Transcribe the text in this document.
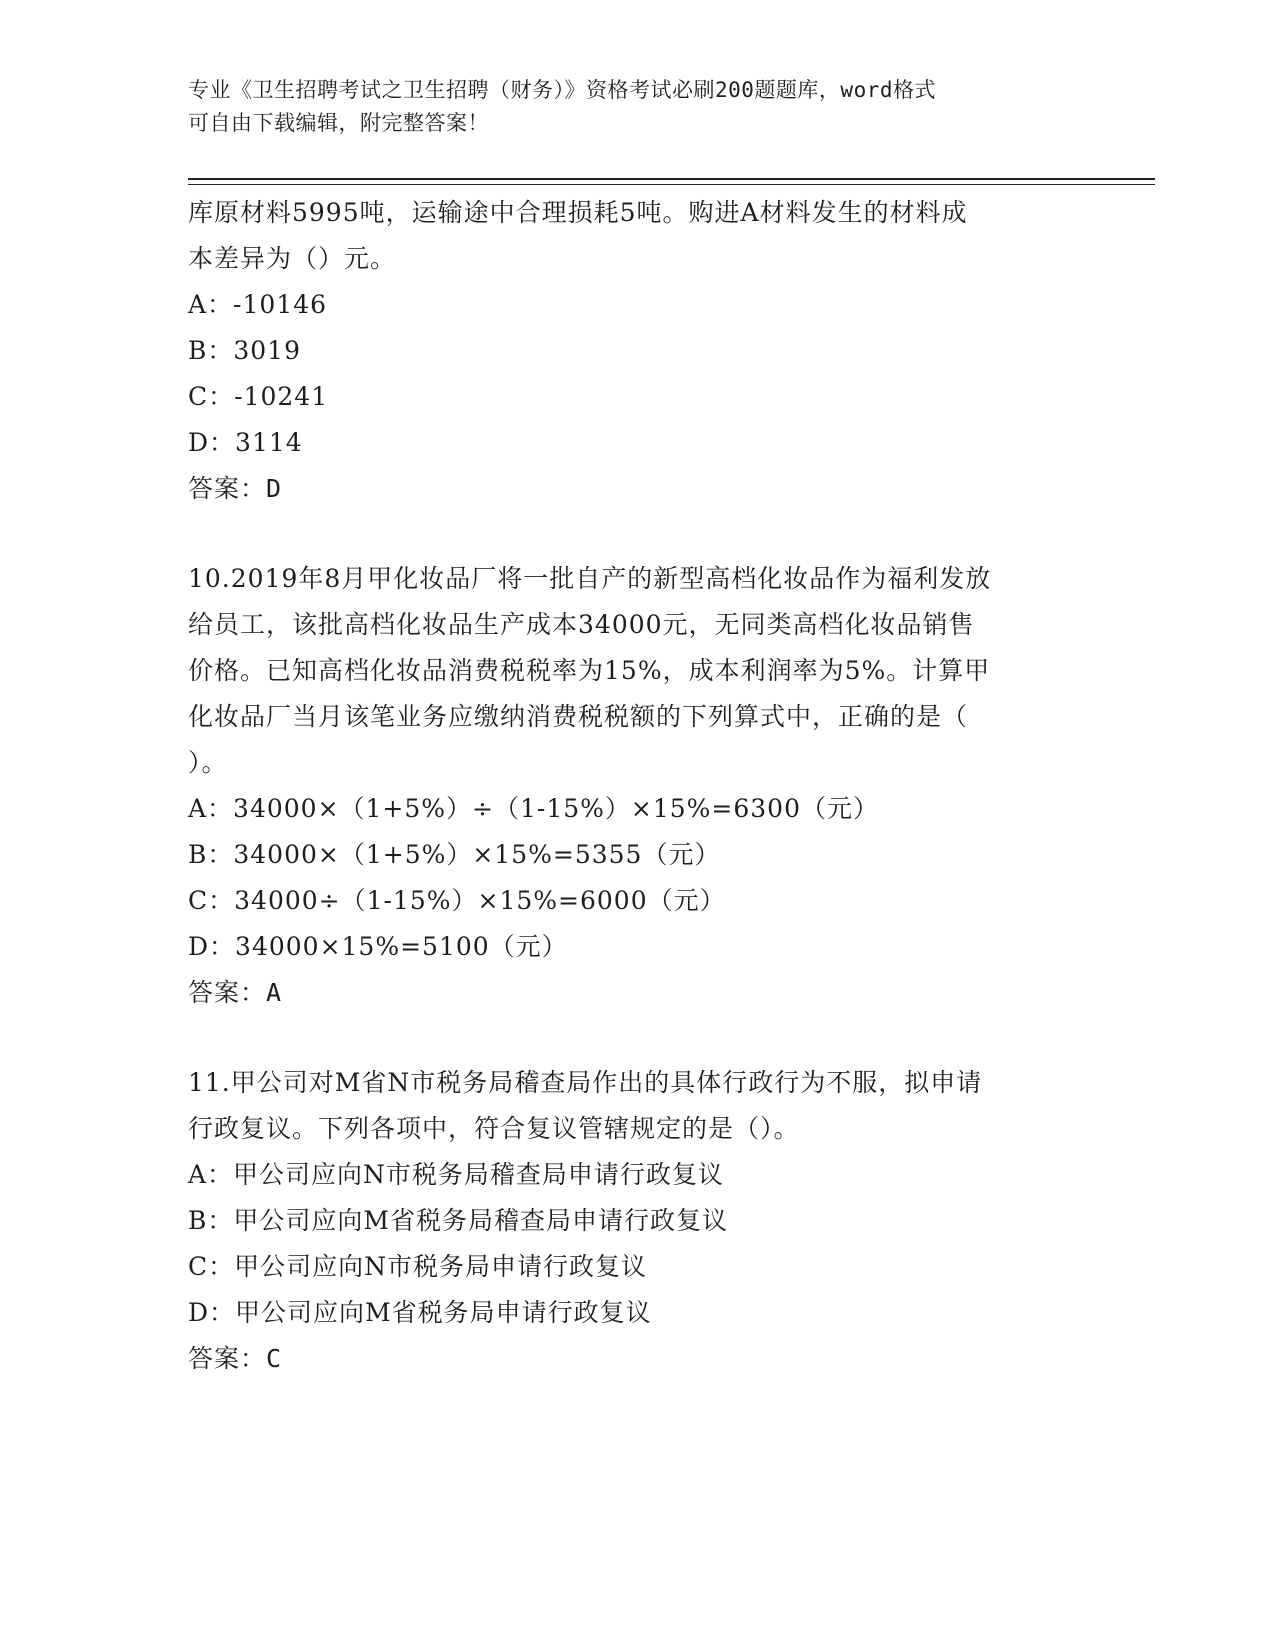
专业《卫生招聘考试之卫生招聘（财务）》资格考试必刷200题题库，word格式
可自由下载编辑，附完整答案！
库原材料5995吨，运输途中合理损耗5吨。购进A材料发生的材料成
本差异为（）元。
A：-10146
B：3019
C：-10241
D：3114
答案：D
10.2019年8月甲化妆品厂将一批自产的新型高档化妆品作为福利发放
给员工，该批高档化妆品生产成本34000元，无同类高档化妆品销售
价格。已知高档化妆品消费税税率为15%，成本利润率为5%。计算甲
化妆品厂当月该笔业务应缴纳消费税税额的下列算式中，正确的是（
）。
A：34000×（1+5%）÷（1-15%）×15%=6300（元）
B：34000×（1+5%）×15%=5355（元）
C：34000÷（1-15%）×15%=6000（元）
D：34000×15%=5100（元）
答案：A
11.甲公司对M省N市税务局稽查局作出的具体行政行为不服，拟申请
行政复议。下列各项中，符合复议管辖规定的是（）。
A：甲公司应向N市税务局稽查局申请行政复议
B：甲公司应向M省税务局稽查局申请行政复议
C：甲公司应向N市税务局申请行政复议
D：甲公司应向M省税务局申请行政复议
答案：C
